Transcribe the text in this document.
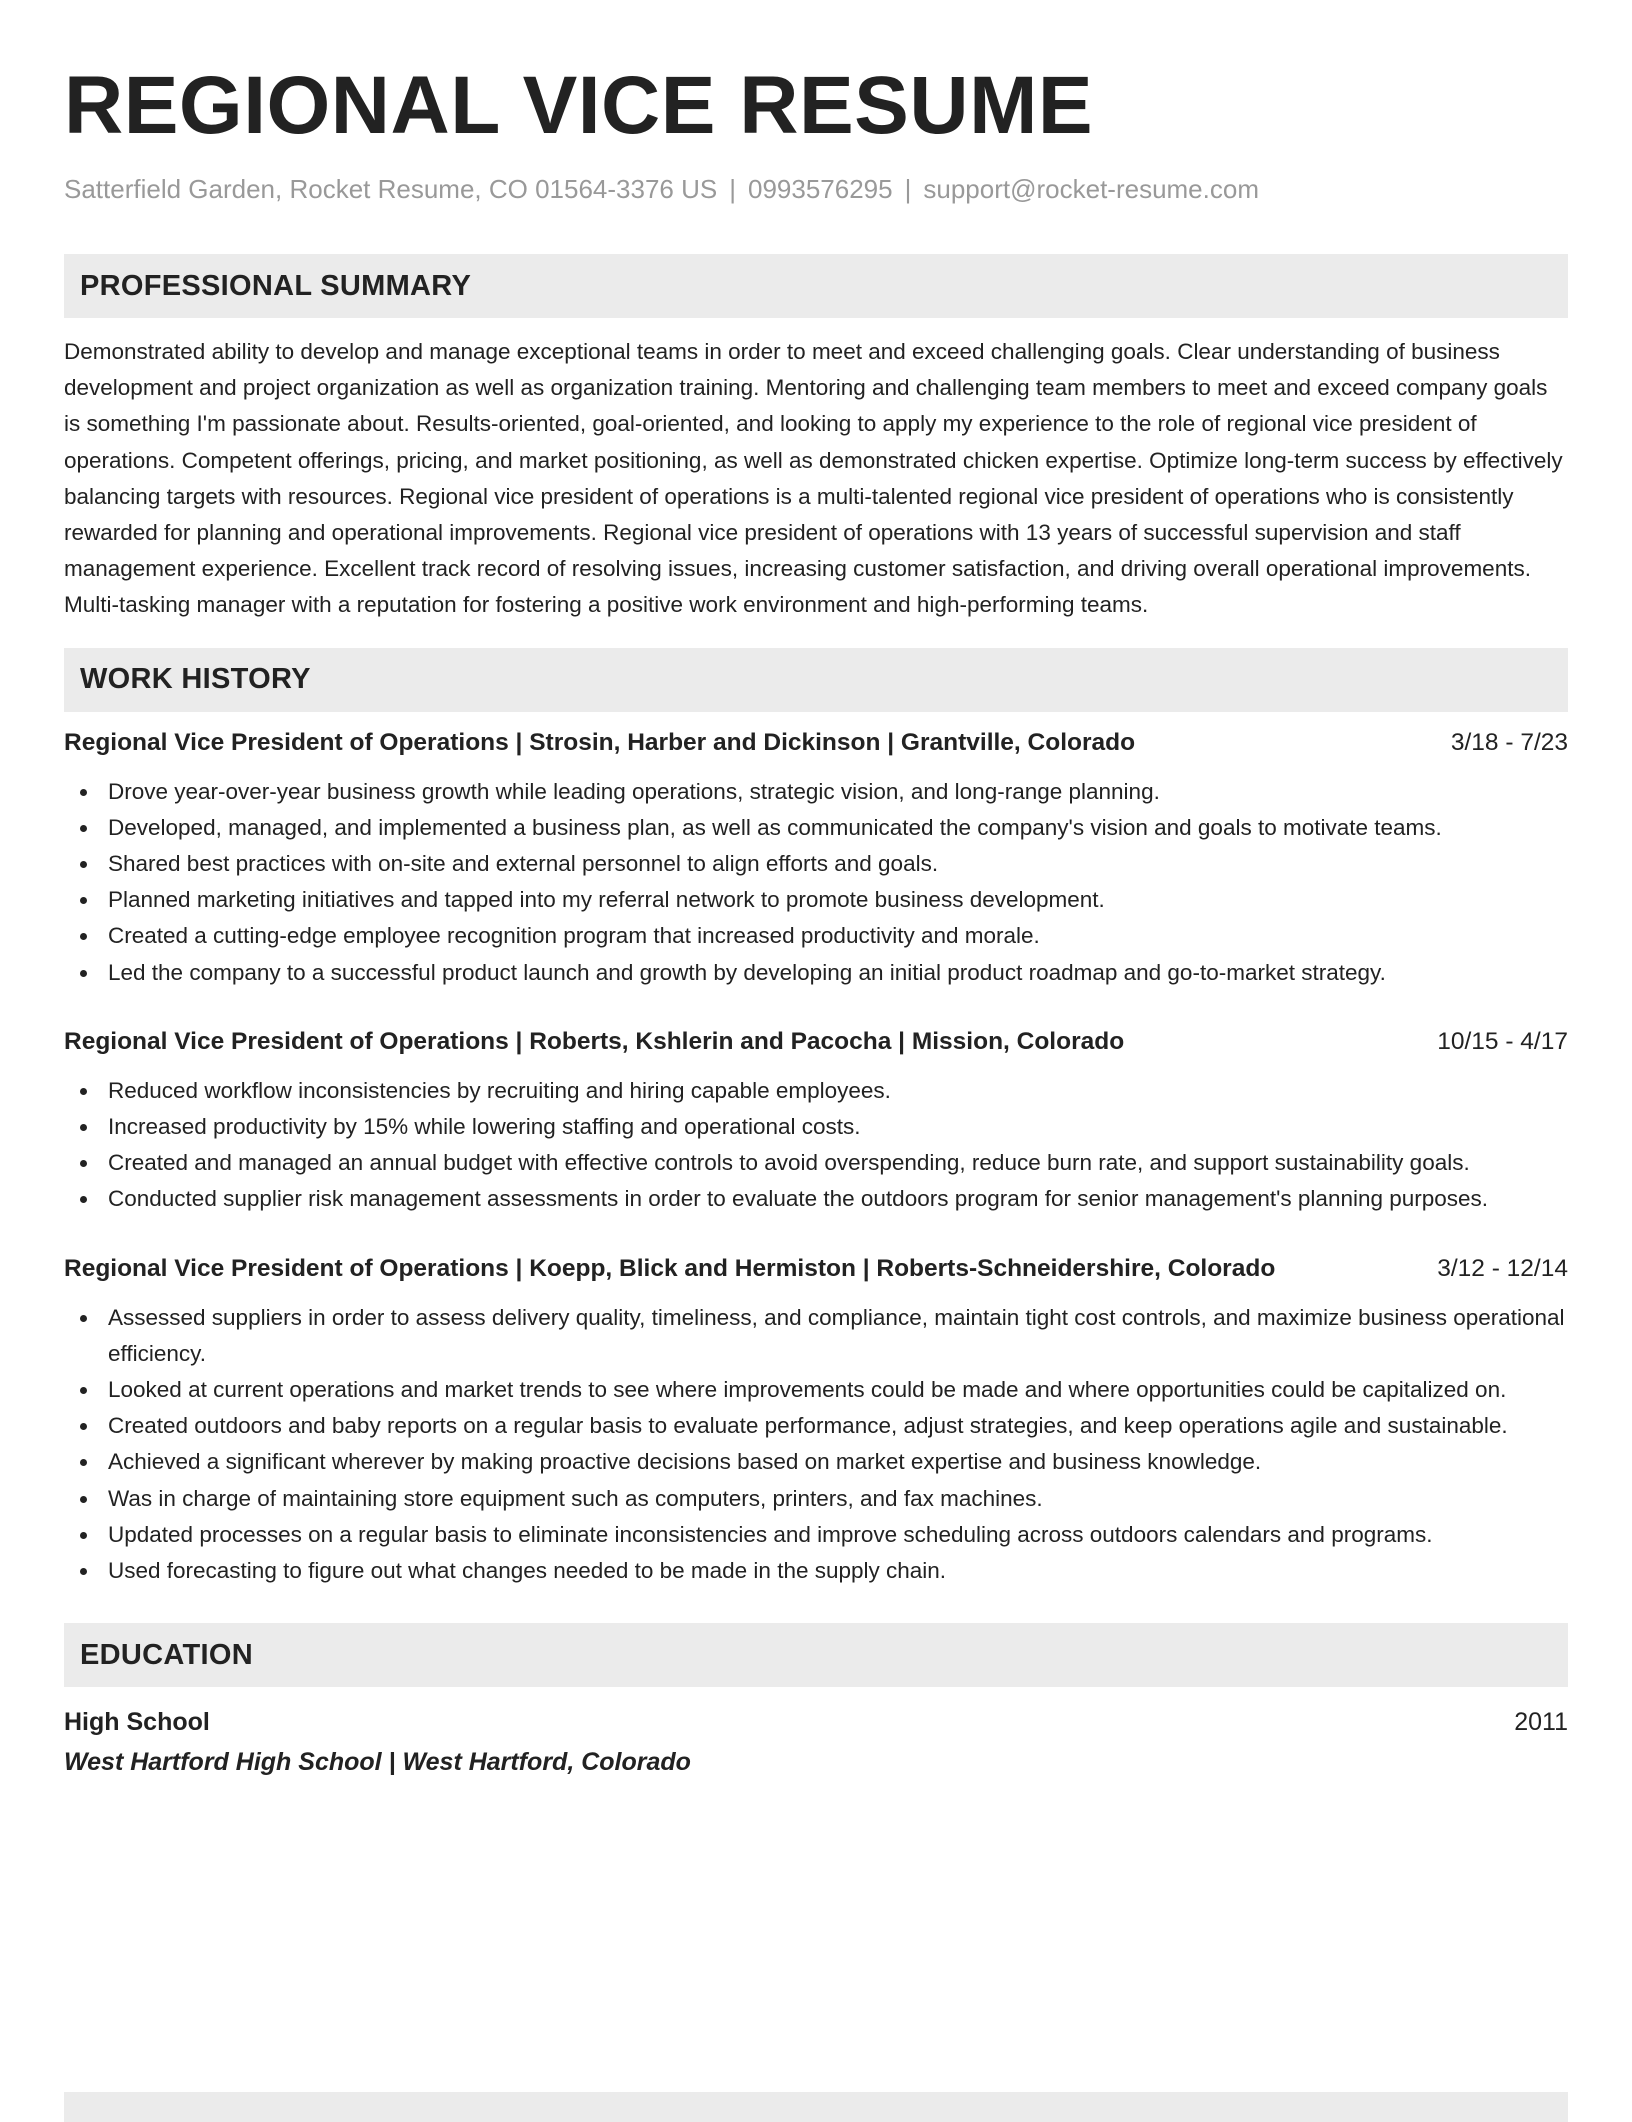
REGIONAL VICE RESUME
Satterfield Garden, Rocket Resume, CO 01564-3376 US | 0993576295 | support@rocket-resume.com
PROFESSIONAL SUMMARY

Demonstrated ability to develop and manage exceptional teams in order to meet and exceed challenging goals. Clear understanding of business development and project organization as well as organization training. Mentoring and challenging team members to meet and exceed company goals is something I'm passionate about. Results-oriented, goal-oriented, and looking to apply my experience to the role of regional vice president of operations. Competent offerings, pricing, and market positioning, as well as demonstrated chicken expertise. Optimize long-term success by effectively balancing targets with resources. Regional vice president of operations is a multi-talented regional vice president of operations who is consistently rewarded for planning and operational improvements. Regional vice president of operations with 13 years of successful supervision and staff management experience. Excellent track record of resolving issues, increasing customer satisfaction, and driving overall operational improvements. Multi-tasking manager with a reputation for fostering a positive work environment and high-performing teams.

WORK HISTORY
Regional Vice President of Operations | Strosin, Harber and Dickinson | Grantville, Colorado	3/18 - 7/23
Drove year-over-year business growth while leading operations, strategic vision, and long-range planning.
Developed, managed, and implemented a business plan, as well as communicated the company's vision and goals to motivate teams.
Shared best practices with on-site and external personnel to align efforts and goals.
Planned marketing initiatives and tapped into my referral network to promote business development.
Created a cutting-edge employee recognition program that increased productivity and morale.
Led the company to a successful product launch and growth by developing an initial product roadmap and go-to-market strategy.
Regional Vice President of Operations | Roberts, Kshlerin and Pacocha | Mission, Colorado	10/15 - 4/17
Reduced workflow inconsistencies by recruiting and hiring capable employees.
Increased productivity by 15% while lowering staffing and operational costs.
Created and managed an annual budget with effective controls to avoid overspending, reduce burn rate, and support sustainability goals.
Conducted supplier risk management assessments in order to evaluate the outdoors program for senior management's planning purposes.
Regional Vice President of Operations | Koepp, Blick and Hermiston | Roberts-Schneidershire, Colorado	3/12 - 12/14
Assessed suppliers in order to assess delivery quality, timeliness, and compliance, maintain tight cost controls, and maximize business operational efficiency.
Looked at current operations and market trends to see where improvements could be made and where opportunities could be capitalized on.
Created outdoors and baby reports on a regular basis to evaluate performance, adjust strategies, and keep operations agile and sustainable.
Achieved a significant wherever by making proactive decisions based on market expertise and business knowledge.
Was in charge of maintaining store equipment such as computers, printers, and fax machines.
Updated processes on a regular basis to eliminate inconsistencies and improve scheduling across outdoors calendars and programs.
Used forecasting to figure out what changes needed to be made in the supply chain.
EDUCATION
High School	2011
West Hartford High School | West Hartford, Colorado
